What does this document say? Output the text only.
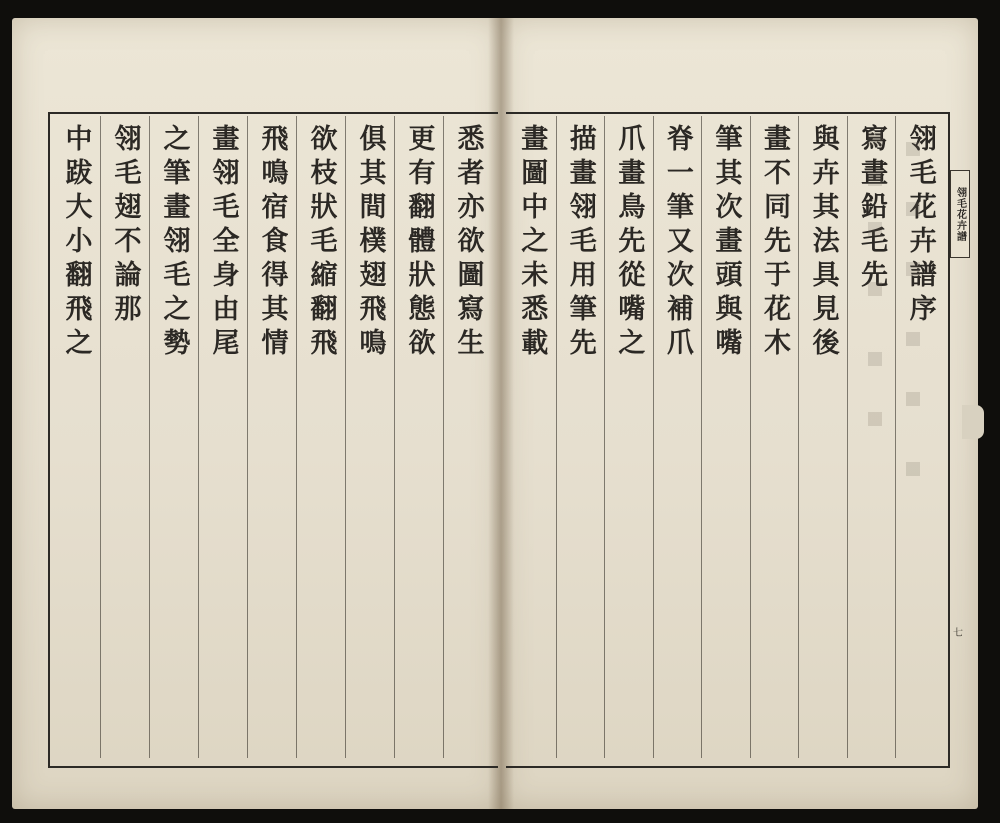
翎毛花卉譜序
寫畫鉛毛先
與卉其法具見後
畫不同先于花木
筆其次畫頭與嘴
脊一筆又次補爪
爪畫鳥先從嘴之
描畫翎毛用筆先
畫圖中之未悉載
悉者亦欲圖寫生
更有翻體狀態欲
俱其間樸翅飛鳴
欲枝狀毛縮翻飛
飛鳴宿食得其情
畫翎毛全身由尾
之筆畫翎毛之勢
翎毛翅不論那
中跋大小翻飛之	翎毛花卉譜
七
